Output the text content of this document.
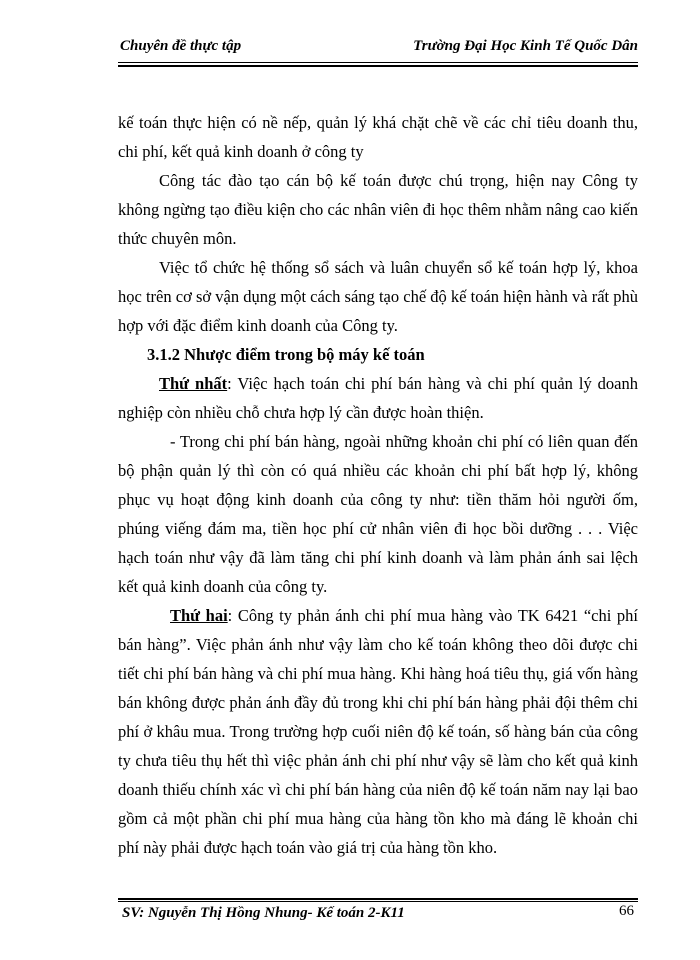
Chuyên đề thực tập	Trường Đại Học Kinh Tế Quốc Dân

kế toán thực hiện có nề nếp, quản lý khá chặt chẽ về các chỉ tiêu doanh thu, chi phí, kết quả kinh doanh ở công ty

Công tác đào tạo cán bộ kế toán được chú trọng, hiện nay Công ty không ngừng tạo điều kiện cho các nhân viên đi học thêm nhằm nâng cao kiến thức chuyên môn.

Việc tổ chức hệ thống sổ sách và luân chuyển sổ kế toán hợp lý, khoa học trên cơ sở vận dụng một cách sáng tạo chế độ kế toán hiện hành và rất phù hợp với đặc điểm kinh doanh của Công ty.

3.1.2 Nhược điểm trong bộ máy kế toán

Thứ nhất: Việc hạch toán chi phí bán hàng và chi phí quản lý doanh nghiệp còn nhiều chỗ chưa hợp lý cần được hoàn thiện.

- Trong chi phí bán hàng, ngoài những khoản chi phí có liên quan đến bộ phận quản lý thì còn có quá nhiều các khoản chi phí bất hợp lý, không phục vụ hoạt động kinh doanh của công ty như: tiền thăm hỏi người ốm, phúng viếng đám ma, tiền học phí cử nhân viên đi học bồi dưỡng . . . Việc hạch toán như vậy đã làm tăng chi phí kinh doanh và làm phản ánh sai lệch kết quả kinh doanh của công ty.

Thứ hai: Công ty phản ánh chi phí mua hàng vào TK 6421 “chi phí bán hàng”. Việc phản ánh như vậy làm cho kế toán không theo dõi được chi tiết chi phí bán hàng và chi phí mua hàng. Khi hàng hoá tiêu thụ, giá vốn hàng bán không được phản ánh đầy đủ trong khi chi phí bán hàng phải đội thêm chi phí ở khâu mua. Trong trường hợp cuối niên độ kế toán, số hàng bán của công ty chưa tiêu thụ hết thì việc phản ánh chi phí như vậy sẽ làm cho kết quả kinh doanh thiếu chính xác vì chi phí bán hàng của niên độ kế toán năm nay lại bao gồm cả một phần chi phí mua hàng của hàng tồn kho mà đáng lẽ khoản chi phí này phải được hạch toán vào giá trị của hàng tồn kho.

SV: Nguyễn Thị Hồng Nhung- Kế toán 2-K11	66
